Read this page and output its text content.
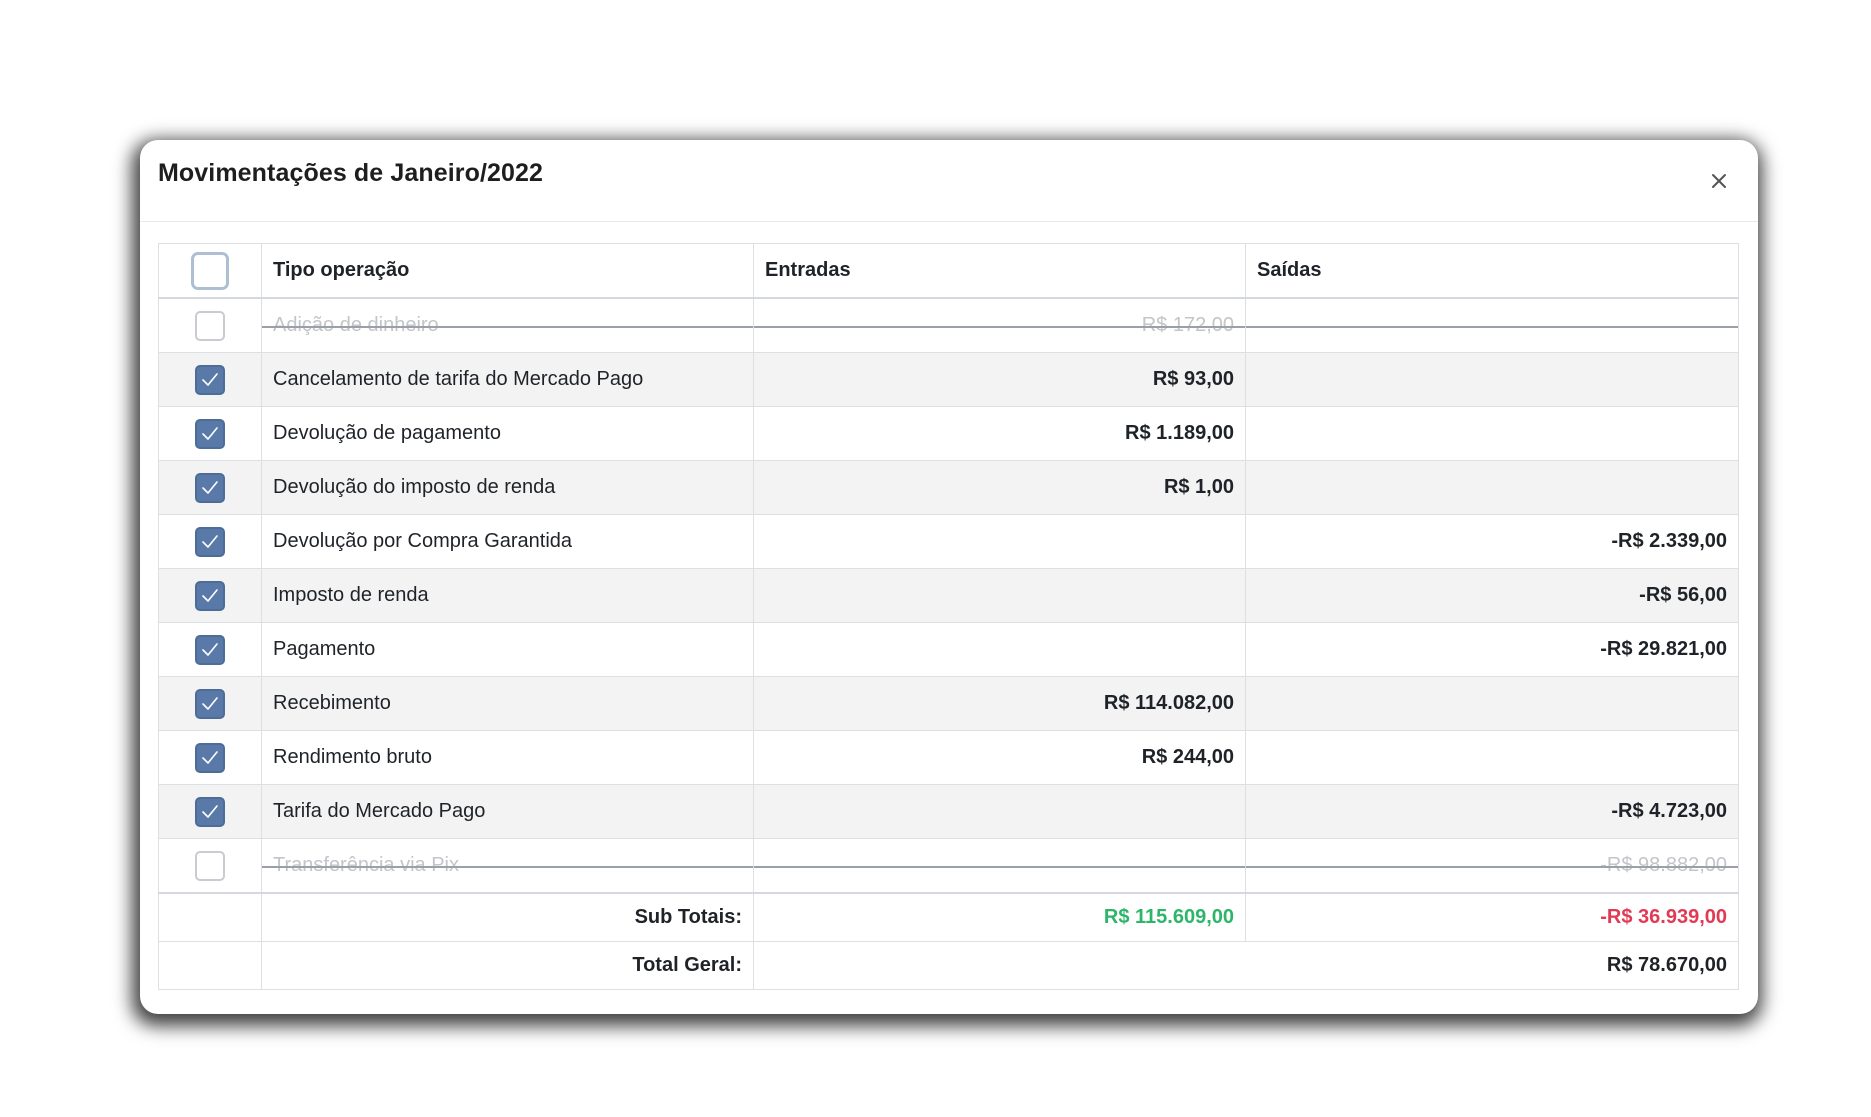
Movimentações de Janeiro/2022
	Tipo operação	Entradas	Saídas
	Adição de dinheiro	R$ 172,00	

	Cancelamento de tarifa do Mercado Pago	R$ 93,00	

	Devolução de pagamento	R$ 1.189,00	

	Devolução do imposto de renda	R$ 1,00	

	Devolução por Compra Garantida		-R$ 2.339,00

	Imposto de renda		-R$ 56,00

	Pagamento		-R$ 29.821,00

	Recebimento	R$ 114.082,00	

	Rendimento bruto	R$ 244,00	

	Tarifa do Mercado Pago		-R$ 4.723,00
	Transferência via Pix		-R$ 98.882,00
	Sub Totais:	R$ 115.609,00	-R$ 36.939,00
	Total Geral:	R$ 78.670,00	
